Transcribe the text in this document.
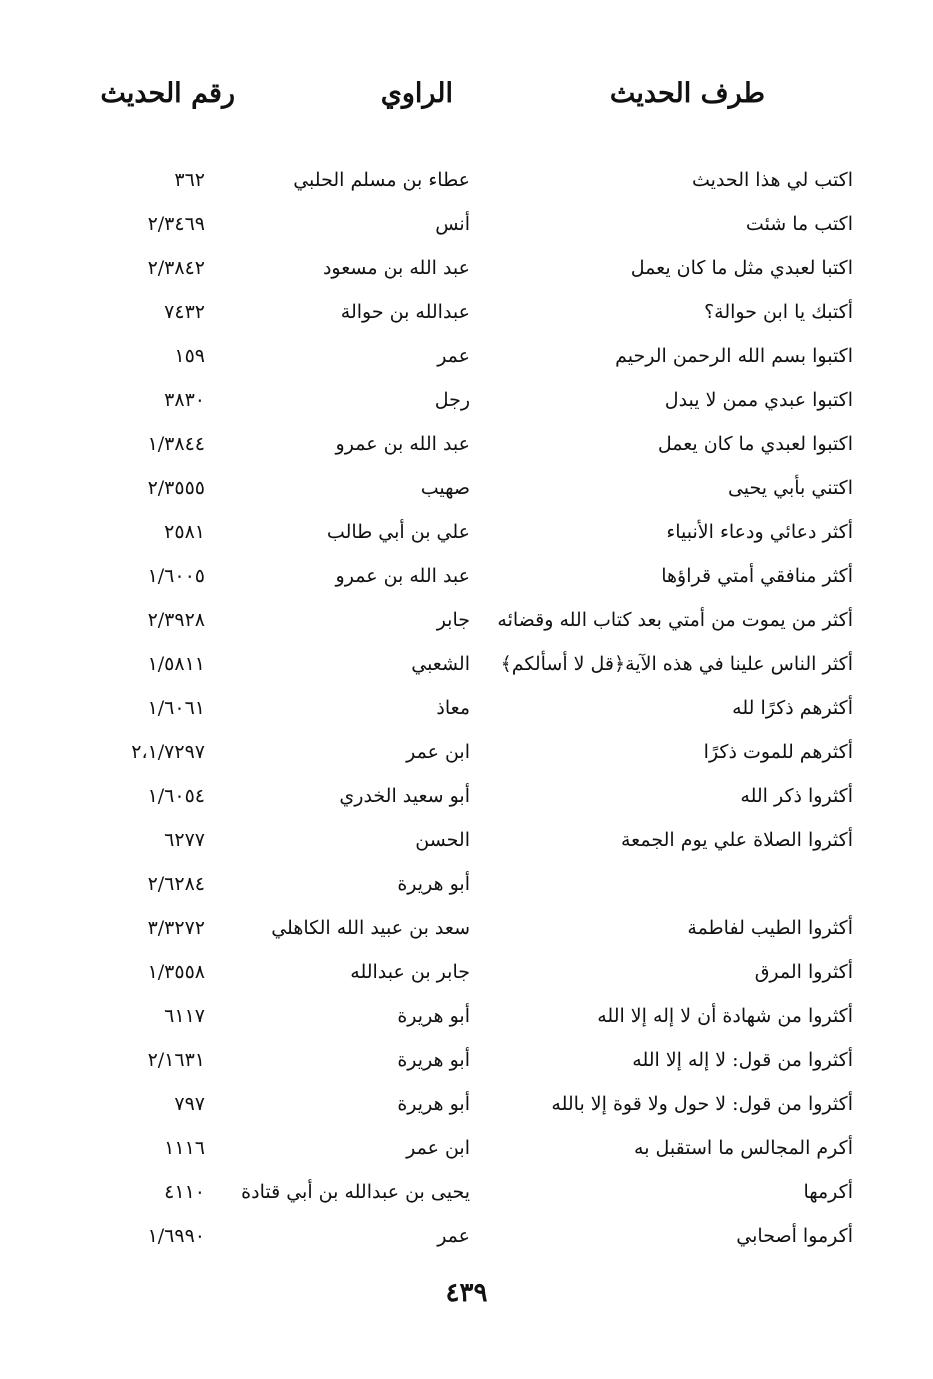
طرف الحديث
الراوي
رقم الحديث
اكتب لي هذا الحديث
عطاء بن مسلم الحلبي
٣٦٢
اكتب ما شئت
أنس
٢/٣٤٦٩
اكتبا لعبدي مثل ما كان يعمل
عبد الله بن مسعود
٢/٣٨٤٢
أكتبك يا ابن حوالة؟
عبدالله بن حوالة
٧٤٣٢
اكتبوا بسم الله الرحمن الرحيم
عمر
١٥٩
اكتبوا عبدي ممن لا يبدل
رجل
٣٨٣٠
اكتبوا لعبدي ما كان يعمل
عبد الله بن عمرو
١/٣٨٤٤
اكتني بأبي يحيى
صهيب
٢/٣٥٥٥
أكثر دعائي ودعاء الأنبياء
علي بن أبي طالب
٢٥٨١
أكثر منافقي أمتي قراؤها
عبد الله بن عمرو
١/٦٠٠٥
أكثر من يموت من أمتي بعد كتاب الله وقضائه
جابر
٢/٣٩٢٨
أكثر الناس علينا في هذه الآية﴿قل لا أسألكم﴾
الشعبي
١/٥٨١١
أكثرهم ذكرًا لله
معاذ
١/٦٠٦١
أكثرهم للموت ذكرًا
ابن عمر
٢،١/٧٢٩٧
أكثروا ذكر الله
أبو سعيد الخدري
١/٦٠٥٤
أكثروا الصلاة علي يوم الجمعة
الحسن
٦٢٧٧
أبو هريرة
٢/٦٢٨٤
أكثروا الطيب لفاطمة
سعد بن عبيد الله الكاهلي
٣/٣٢٧٢
أكثروا المرق
جابر بن عبدالله
١/٣٥٥٨
أكثروا من شهادة أن لا إله إلا الله
أبو هريرة
٦١١٧
أكثروا من قول: لا إله إلا الله
أبو هريرة
٢/١٦٣١
أكثروا من قول: لا حول ولا قوة إلا بالله
أبو هريرة
٧٩٧
أكرم المجالس ما استقبل به
ابن عمر
١١١٦
أكرمها
يحيى بن عبدالله بن أبي قتادة
٤١١٠
أكرموا أصحابي
عمر
١/٦٩٩٠
٤٣٩
